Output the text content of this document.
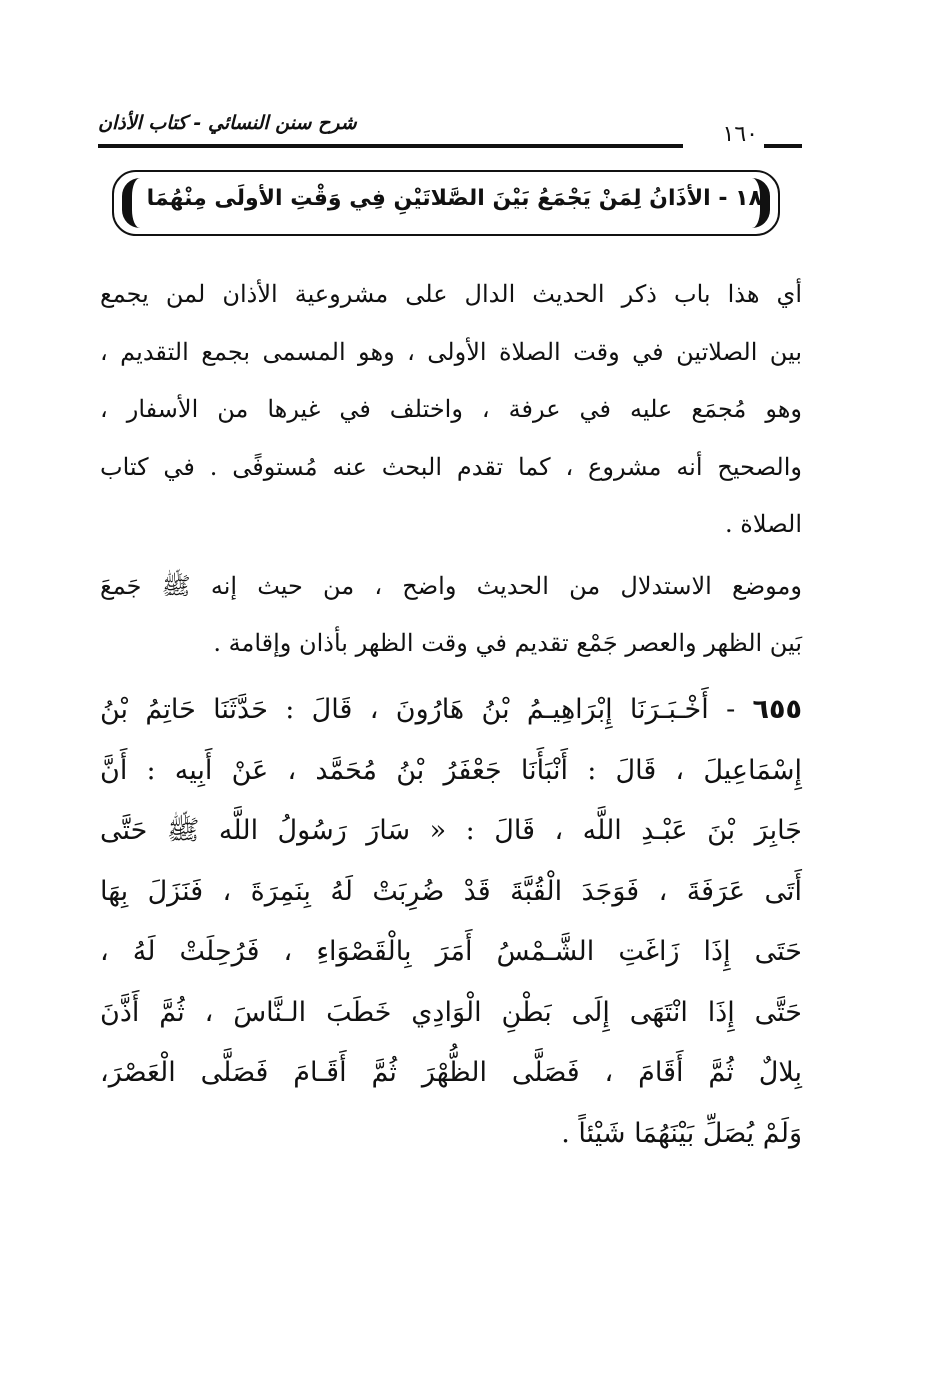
شرح سنن النسائي - كتاب الأذان	١٦٠
١٨ - الأذَانُ لِمَنْ يَجْمَعُ بَيْنَ الصَّلاتَيْنِ فِي وَقْتِ الأولَى مِنْهُمَا
أي هذا باب ذكر الحديث الدال على مشروعية الأذان لمن يجمع
بين الصلاتين في وقت الصلاة الأولى ، وهو المسمى بجمع التقديم ،
وهو مُجمَع عليه في عرفة ، واختلف في غيرها من الأسفار ،
والصحيح أنه مشروع ، كما تقدم البحث عنه مُستوفًى . في كتاب
الصلاة .
وموضع الاستدلال من الحديث واضح ، من حيث إنه ﷺ جَمعَ
بَين الظهر والعصر جَمْع تقديم في وقت الظهر بأذان وإقامة .
٦٥٥ - أَخْـبَـرَنَا إِبْرَاهِيـمُ بْنُ هَارُونَ ، قَالَ : حَدَّثَنَا حَاتِمُ بْنُ
إِسْمَاعِيلَ ، قَالَ : أَنْبَأَنَا جَعْفَرُ بْنُ مُحَمَّد ، عَنْ أَبِيه : أَنَّ
جَابِرَ بْنَ عَبْـدِ اللَّه ، قَالَ : « سَارَ رَسُولُ اللَّه ﷺ حَتَّى
أَتَى عَرَفَةَ ، فَوَجَدَ الْقُبَّةَ قَدْ ضُرِبَتْ لَهُ بِنَمِرَةَ ، فَنَزَلَ بِهَا
حَتَى إِذَا زَاغَتِ الشَّـمْسُ أَمَرَ بِالْقَصْوَاءِ ، فَرُحِلَتْ لَهُ ،
حَتَّى إِذَا انْتَهَى إِلَى بَطْنِ الْوَادِي خَطَبَ الـنَّاسَ ، ثُمَّ أَذَّنَ
بِلالٌ ثُمَّ أَقَامَ ، فَصَلَّى الظُّهْرَ ثُمَّ أَقَـامَ فَصَلَّى الْعَصْرَ،
وَلَمْ يُصَلِّ بَيْنَهُمَا شَيْئاً .
